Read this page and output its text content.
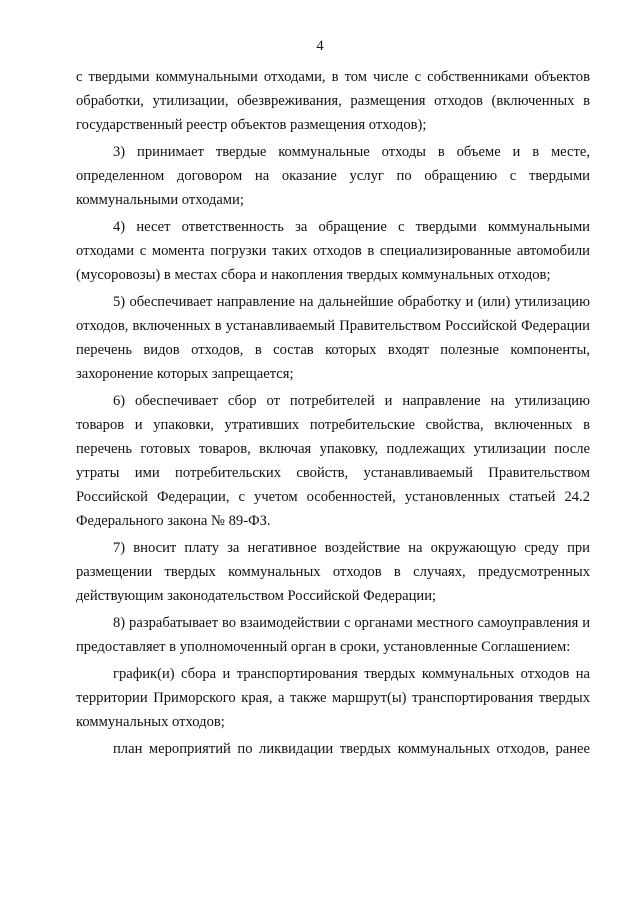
4

с твердыми коммунальными отходами, в том числе с собственниками объектов обработки, утилизации, обезвреживания, размещения отходов (включенных в государственный реестр объектов размещения отходов);

3) принимает твердые коммунальные отходы в объеме и в месте, определенном договором на оказание услуг по обращению с твердыми коммунальными отходами;

4) несет ответственность за обращение с твердыми коммунальными отходами с момента погрузки таких отходов в специализированные автомобили (мусоровозы) в местах сбора и накопления твердых коммунальных отходов;

5) обеспечивает направление на дальнейшие обработку и (или) утилизацию отходов, включенных в устанавливаемый Правительством Российской Федерации перечень видов отходов, в состав которых входят полезные компоненты, захоронение которых запрещается;

6) обеспечивает сбор от потребителей и направление на утилизацию товаров и упаковки, утративших потребительские свойства, включенных в перечень готовых товаров, включая упаковку, подлежащих утилизации после утраты ими потребительских свойств, устанавливаемый Правительством Российской Федерации, с учетом особенностей, установленных статьей 24.2 Федерального закона № 89-ФЗ.

7) вносит плату за негативное воздействие на окружающую среду при размещении твердых коммунальных отходов в случаях, предусмотренных действующим законодательством Российской Федерации;

8) разрабатывает во взаимодействии с органами местного самоуправления и предоставляет в уполномоченный орган в сроки, установленные Соглашением:

график(и) сбора и транспортирования твердых коммунальных отходов на территории Приморского края, а также маршрут(ы) транспортирования твердых коммунальных отходов;

план мероприятий по ликвидации твердых коммунальных отходов, ранее
